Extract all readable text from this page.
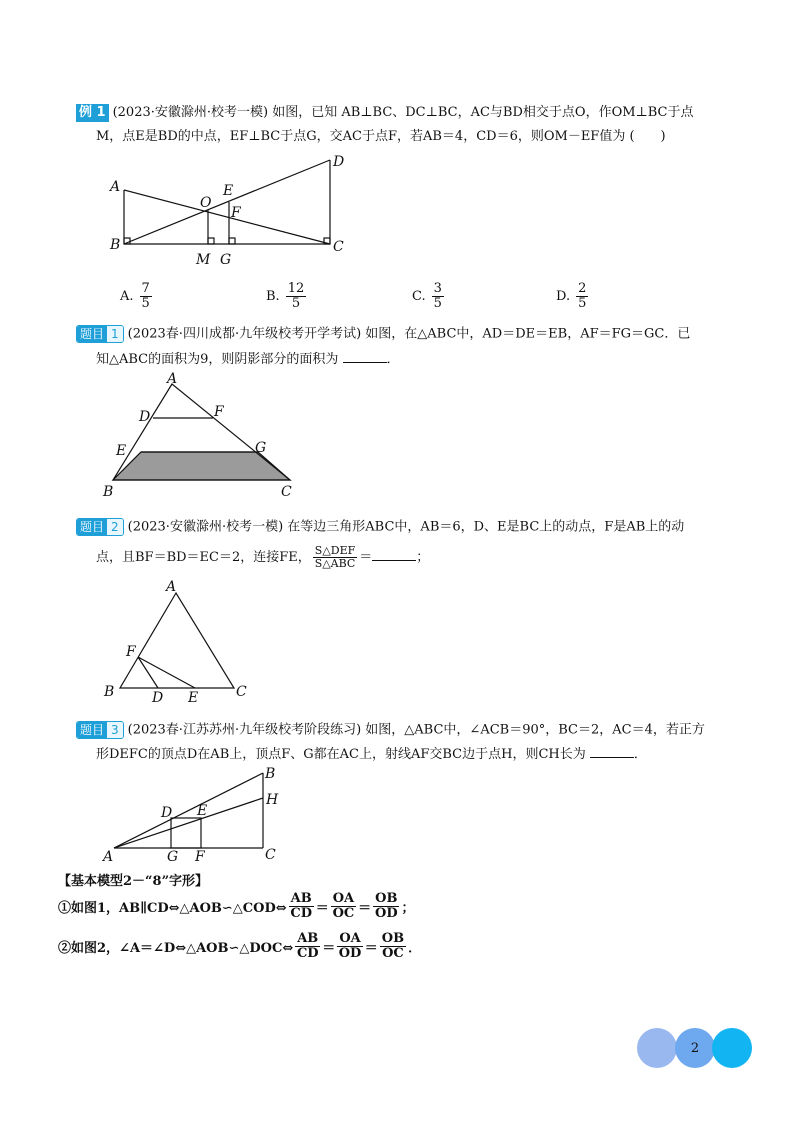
例 1 (2023·安徽滁州·校考一模) 如图，已知 AB⊥BC、DC⊥BC，AC与BD相交于点O，作OM⊥BC于点
M，点E是BD的中点，EF⊥BC于点G，交AC于点F，若AB＝4，CD＝6，则OM－EF值为 (　　)
A
B	C
D
O
E
F
M G
A. $\frac{7}{5}$	B. $\frac{12}{5}$	C. $\frac{3}{5}$	D. $\frac{2}{5}$
题目 1 (2023春·四川成都·九年级校考开学考试) 如图，在△ABC中，AD＝DE＝EB，AF＝FG＝GC．已
知△ABC的面积为9，则阴影部分的面积为	．
A
B	C
D
E
F
G
题目 2 (2023·安徽滁州·校考一模) 在等边三角形ABC中，AB＝6，D、E是BC上的动点，F是AB上的动
点，且BF＝BD＝EC＝2，连接FE， $\frac{\text{S△DEF}}{\text{S△ABC}}$ ＝	；
A
B	C
D E
F
题目 3 (2023春·江苏苏州·九年级校考阶段练习) 如图，△ABC中，∠ACB＝90°，BC＝2，AC＝4，若正方
形DEFC的顶点D在AB上，顶点F、G都在AC上，射线AF交BC边于点H，则CH长为	．
A
B
C
D E
F
G
H
【基本模型2－“8”字形】
①如图1，AB∥CD⇔△AOB∽△COD⇔ $\frac{AB}{CD} = \frac{OA}{OC} = \frac{OB}{OD}$ ；
②如图2，∠A＝∠D⇔△AOB∽△DOC⇔ $\frac{AB}{CD} = \frac{OA}{OD} = \frac{OB}{OC}$ ．
2
